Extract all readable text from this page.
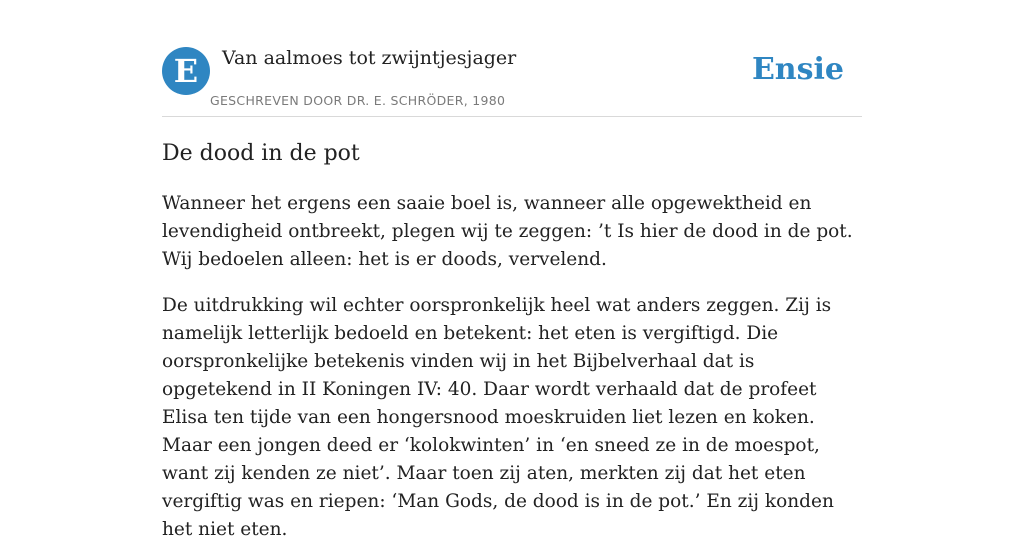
E	Van aalmoes tot zwijntjesjager
GESCHREVEN DOOR DR. E. SCHRÖDER, 1980
Ensie
De dood in de pot

Wanneer het ergens een saaie boel is, wanneer alle opgewektheid en levendigheid ontbreekt, plegen wij te zeggen: ’t Is hier de dood in de pot. Wij bedoelen alleen: het is er doods, vervelend.

De uitdrukking wil echter oorspronkelijk heel wat anders zeggen. Zij is namelijk letterlijk bedoeld en betekent: het eten is vergiftigd. Die oorspronkelijke betekenis vinden wij in het Bijbelverhaal dat is opgetekend in II Koningen IV: 40. Daar wordt verhaald dat de profeet Elisa ten tijde van een hongersnood moeskruiden liet lezen en koken. Maar een jongen deed er ‘kolokwinten’ in ‘en sneed ze in de moespot, want zij kenden ze niet’. Maar toen zij aten, merkten zij dat het eten vergiftig was en riepen: ‘Man Gods, de dood is in de pot.’ En zij konden het niet eten.
